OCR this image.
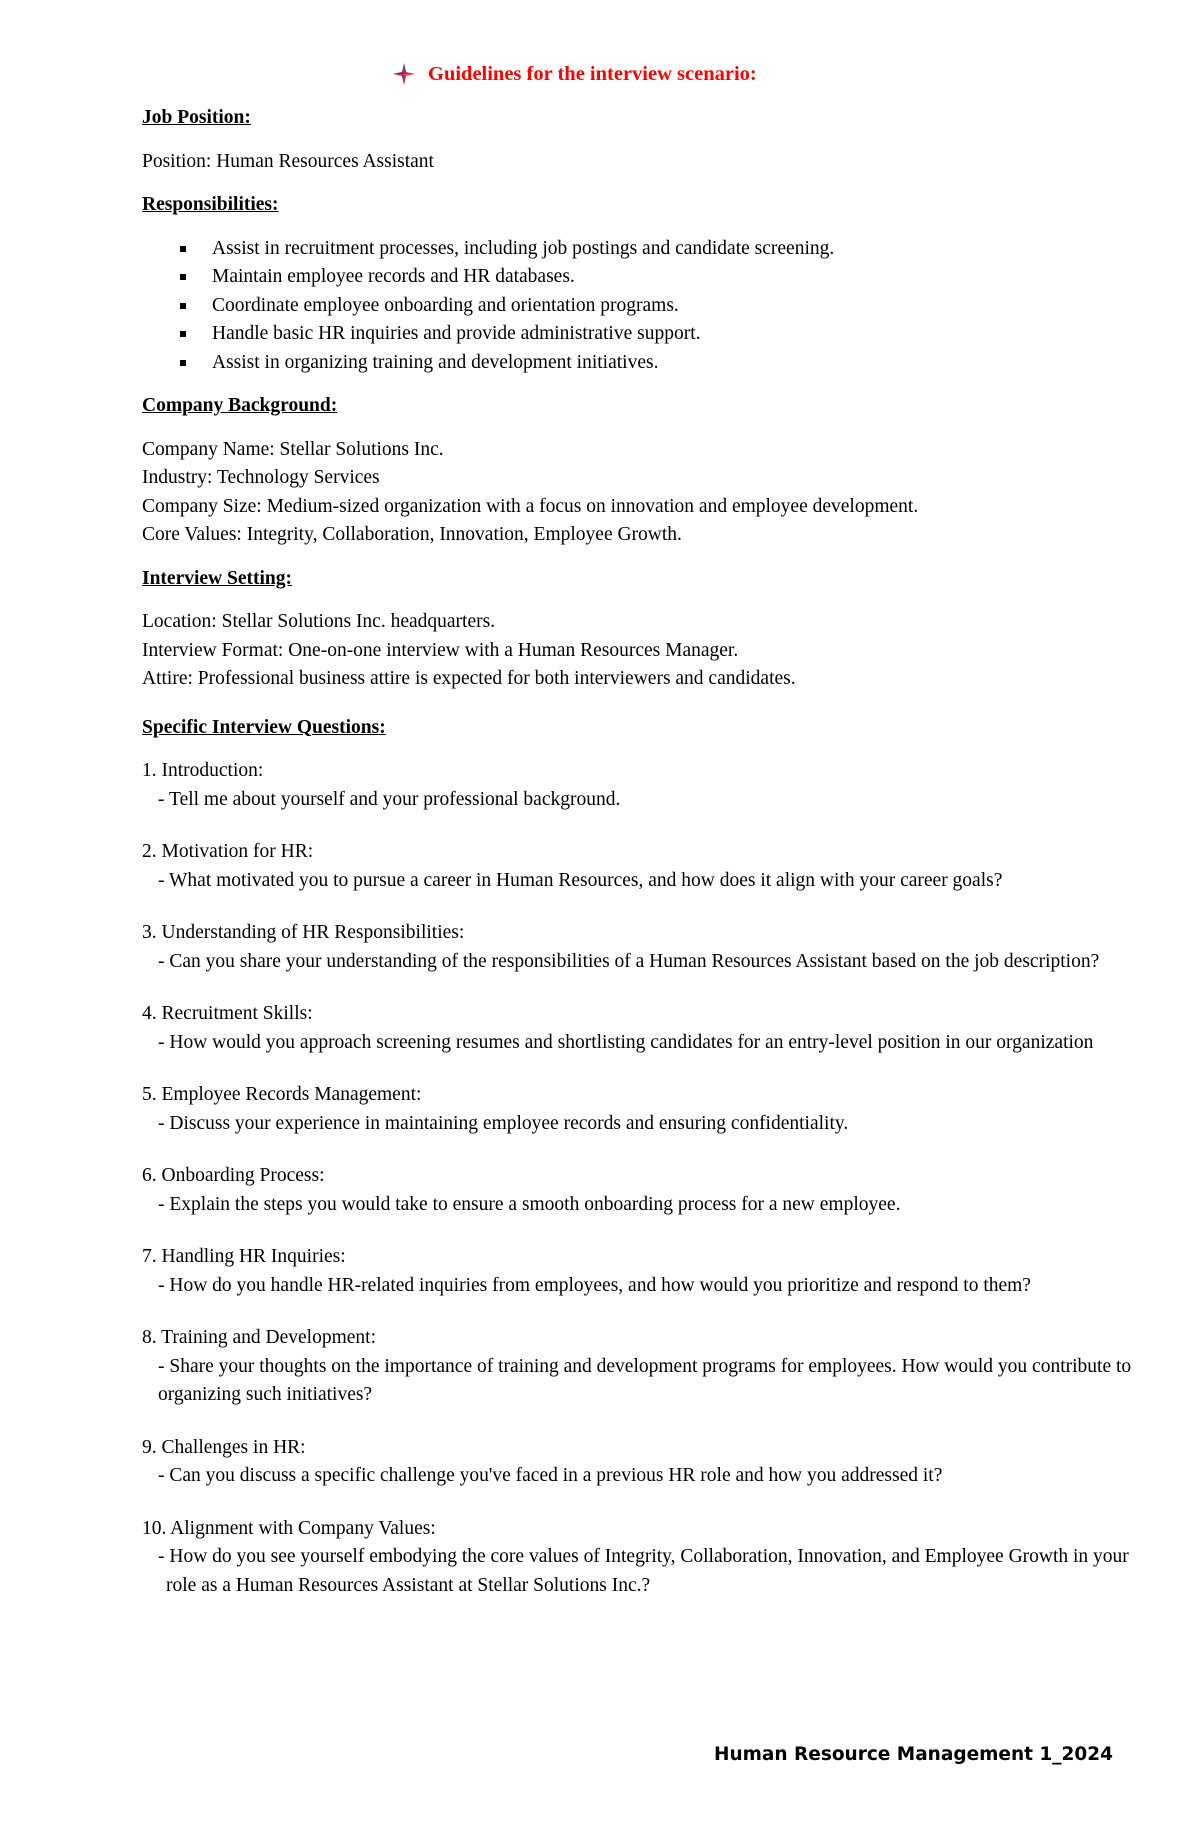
Guidelines for the interview scenario:

Job Position:

Position: Human Resources Assistant

Responsibilities:

Assist in recruitment processes, including job postings and candidate screening.
Maintain employee records and HR databases.
Coordinate employee onboarding and orientation programs.
Handle basic HR inquiries and provide administrative support.
Assist in organizing training and development initiatives.

Company Background:

Company Name: Stellar Solutions Inc.

Industry: Technology Services

Company Size: Medium-sized organization with a focus on innovation and employee development.

Core Values: Integrity, Collaboration, Innovation, Employee Growth.

Interview Setting:

Location: Stellar Solutions Inc. headquarters.

Interview Format: One-on-one interview with a Human Resources Manager.

Attire: Professional business attire is expected for both interviewers and candidates.

Specific Interview Questions:

1. Introduction:

- Tell me about yourself and your professional background.

2. Motivation for HR:

- What motivated you to pursue a career in Human Resources, and how does it align with your career goals?

3. Understanding of HR Responsibilities:

- Can you share your understanding of the responsibilities of a Human Resources Assistant based on the job description?

4. Recruitment Skills:

- How would you approach screening resumes and shortlisting candidates for an entry-level position in our organization

5. Employee Records Management:

- Discuss your experience in maintaining employee records and ensuring confidentiality.

6. Onboarding Process:

- Explain the steps you would take to ensure a smooth onboarding process for a new employee.

7. Handling HR Inquiries:

- How do you handle HR-related inquiries from employees, and how would you prioritize and respond to them?

8. Training and Development:

- Share your thoughts on the importance of training and development programs for employees. How would you contribute to organizing such initiatives?

9. Challenges in HR:

- Can you discuss a specific challenge you've faced in a previous HR role and how you addressed it?

10. Alignment with Company Values:

- How do you see yourself embodying the core values of Integrity, Collaboration, Innovation, and Employee Growth in your role as a Human Resources Assistant at Stellar Solutions Inc.?

Human Resource Management 1_2024
